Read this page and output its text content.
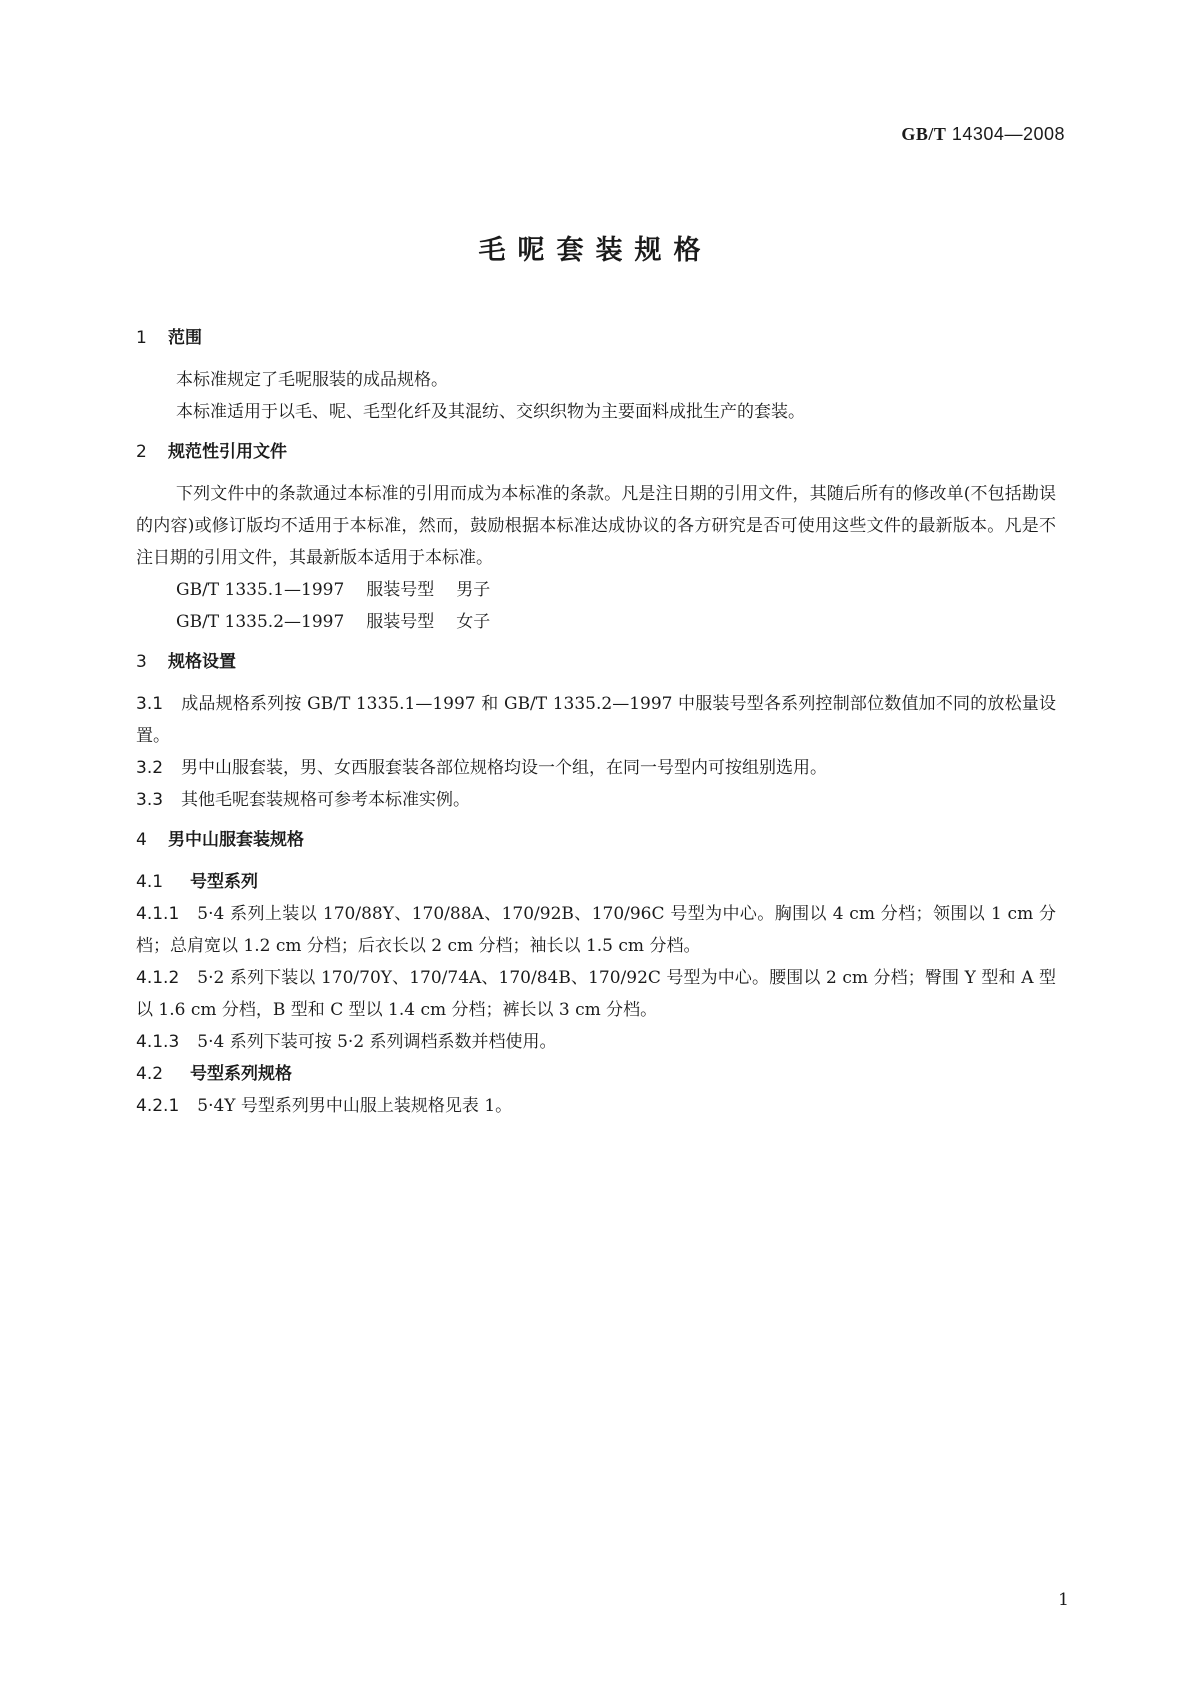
GB/T 14304—2008
毛呢套装规格

1 范围

本标准规定了毛呢服装的成品规格。

本标准适用于以毛、呢、毛型化纤及其混纺、交织织物为主要面料成批生产的套装。

2 规范性引用文件

下列文件中的条款通过本标准的引用而成为本标准的条款。凡是注日期的引用文件，其随后所有的修改单(不包括勘误的内容)或修订版均不适用于本标准，然而，鼓励根据本标准达成协议的各方研究是否可使用这些文件的最新版本。凡是不注日期的引用文件，其最新版本适用于本标准。

GB/T 1335.1—1997 服装号型 男子

GB/T 1335.2—1997 服装号型 女子

3 规格设置

3.1 成品规格系列按 GB/T 1335.1—1997 和 GB/T 1335.2—1997 中服装号型各系列控制部位数值加不同的放松量设置。

3.2 男中山服套装，男、女西服套装各部位规格均设一个组，在同一号型内可按组别选用。

3.3 其他毛呢套装规格可参考本标准实例。

4 男中山服套装规格

4.1 号型系列

4.1.1 5·4 系列上装以 170/88Y、170/88A、170/92B、170/96C 号型为中心。胸围以 4 cm 分档；领围以 1 cm 分档；总肩宽以 1.2 cm 分档；后衣长以 2 cm 分档；袖长以 1.5 cm 分档。

4.1.2 5·2 系列下装以 170/70Y、170/74A、170/84B、170/92C 号型为中心。腰围以 2 cm 分档；臀围 Y 型和 A 型以 1.6 cm 分档，B 型和 C 型以 1.4 cm 分档；裤长以 3 cm 分档。

4.1.3 5·4 系列下装可按 5·2 系列调档系数并档使用。

4.2 号型系列规格

4.2.1 5·4Y 号型系列男中山服上装规格见表 1。

1
